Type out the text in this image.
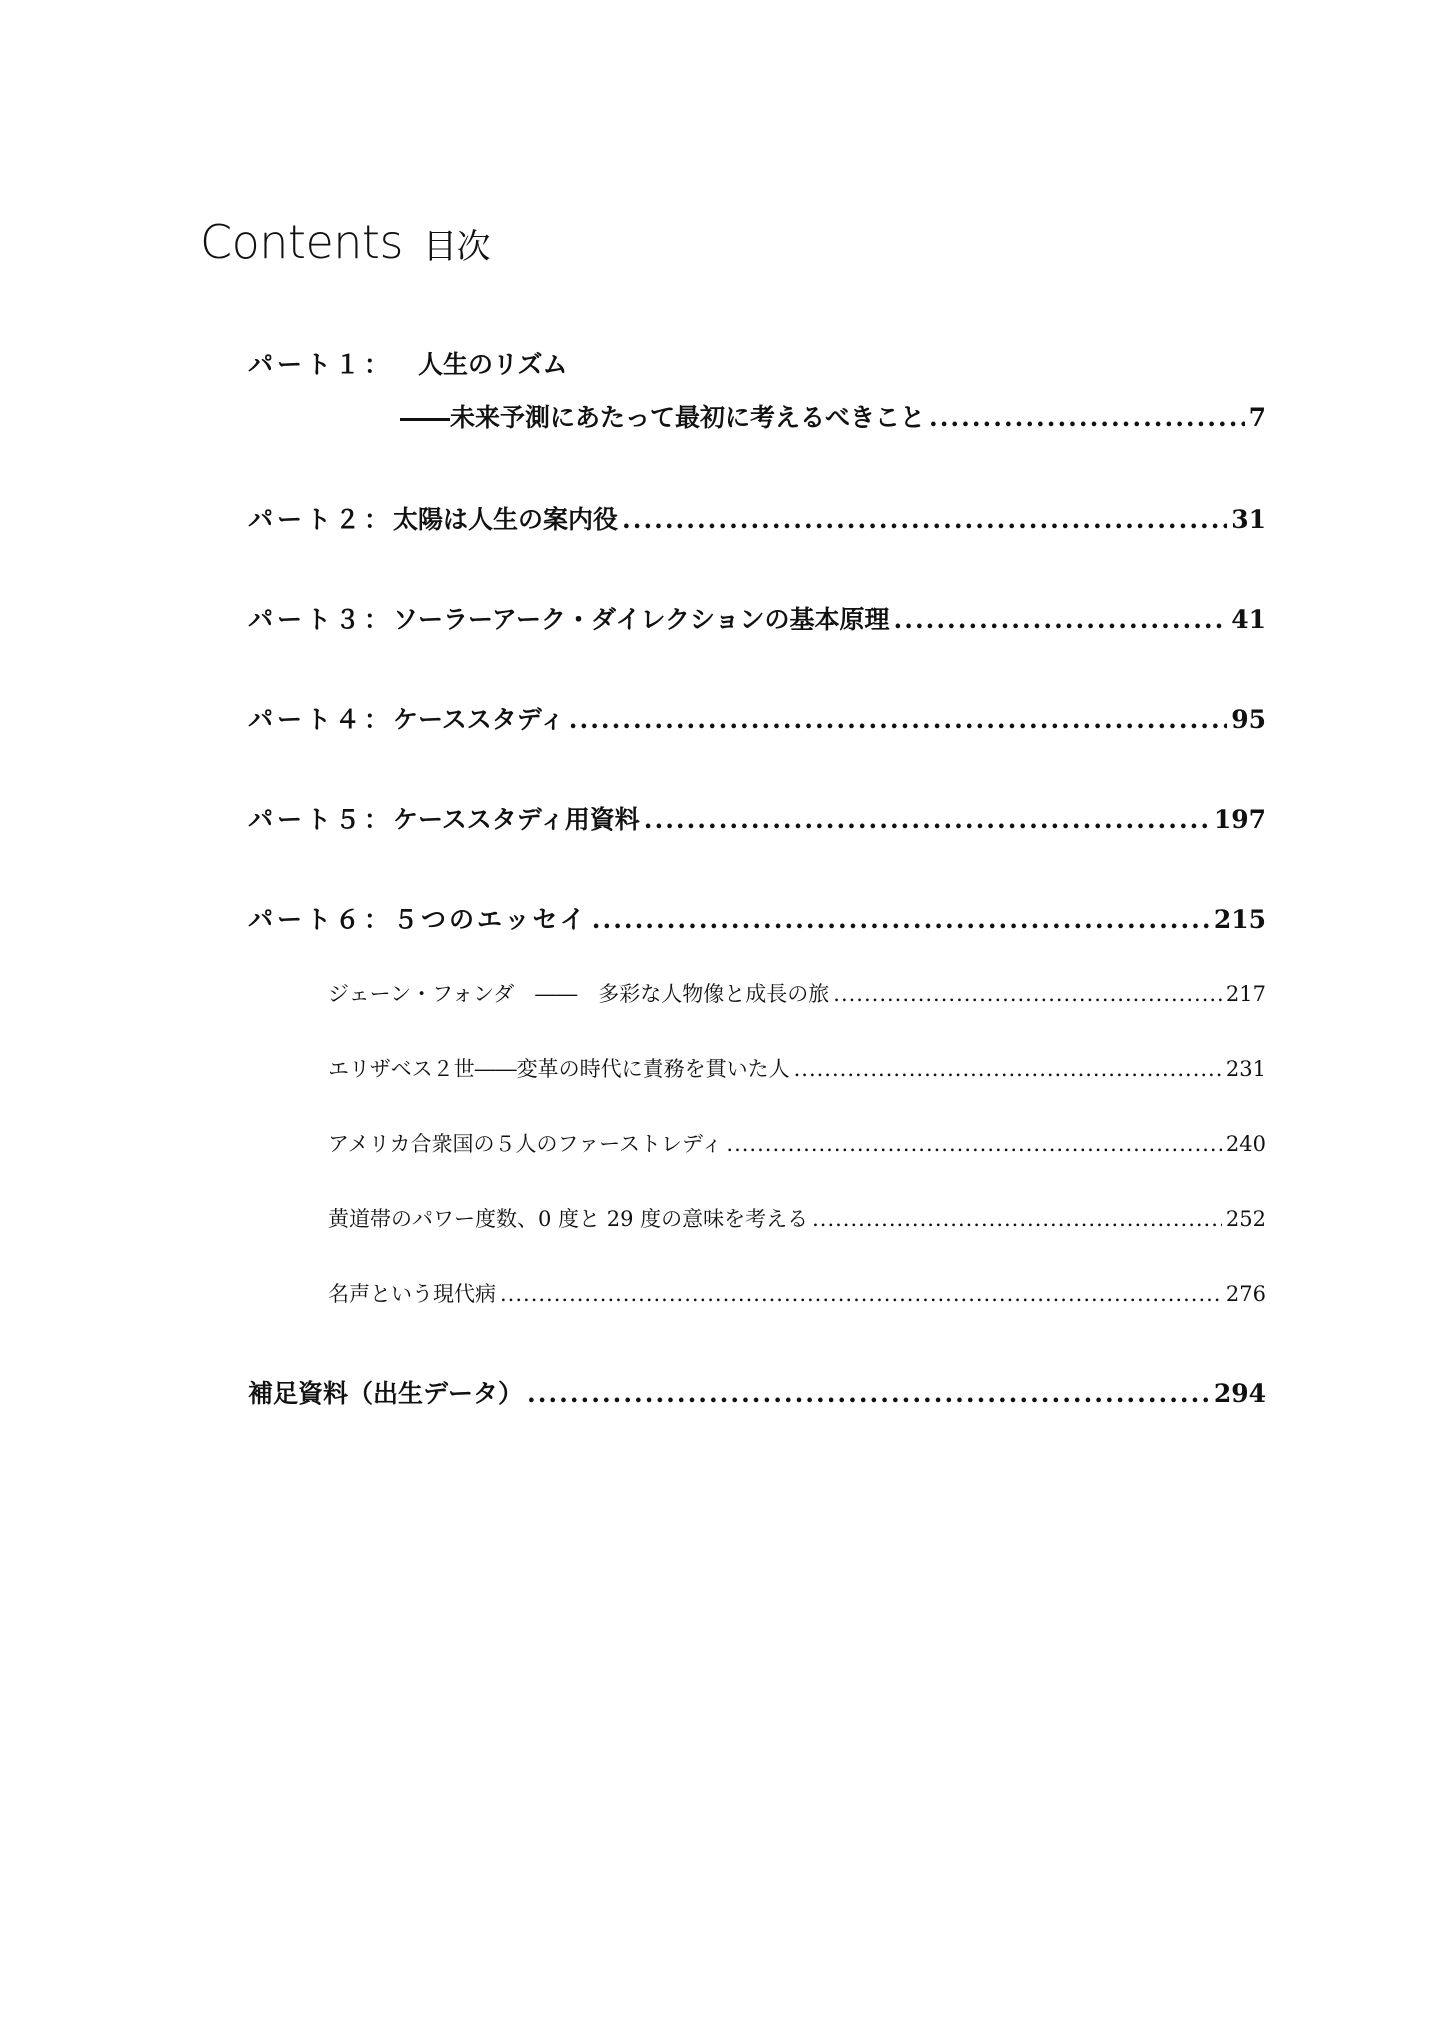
Contents 目次
パート１： 人生のリズム
――未来予測にあたって最初に考えるべきこと .....	7
パート２： 太陽は人生の案内役 .....	31
パート３： ソーラーアーク・ダイレクションの基本原理 .....	41
パート４： ケーススタディ .....	95
パート５： ケーススタディ用資料 .....	197
パート６： ５つのエッセイ .....	215
ジェーン・フォンダ　――　多彩な人物像と成長の旅 .....	217
エリザベス２世――変革の時代に責務を貫いた人 .....	231
アメリカ合衆国の５人のファーストレディ .....	240
黄道帯のパワー度数、0 度と 29 度の意味を考える .....	252
名声という現代病 .....	276
補足資料（出生データ） .....	294
